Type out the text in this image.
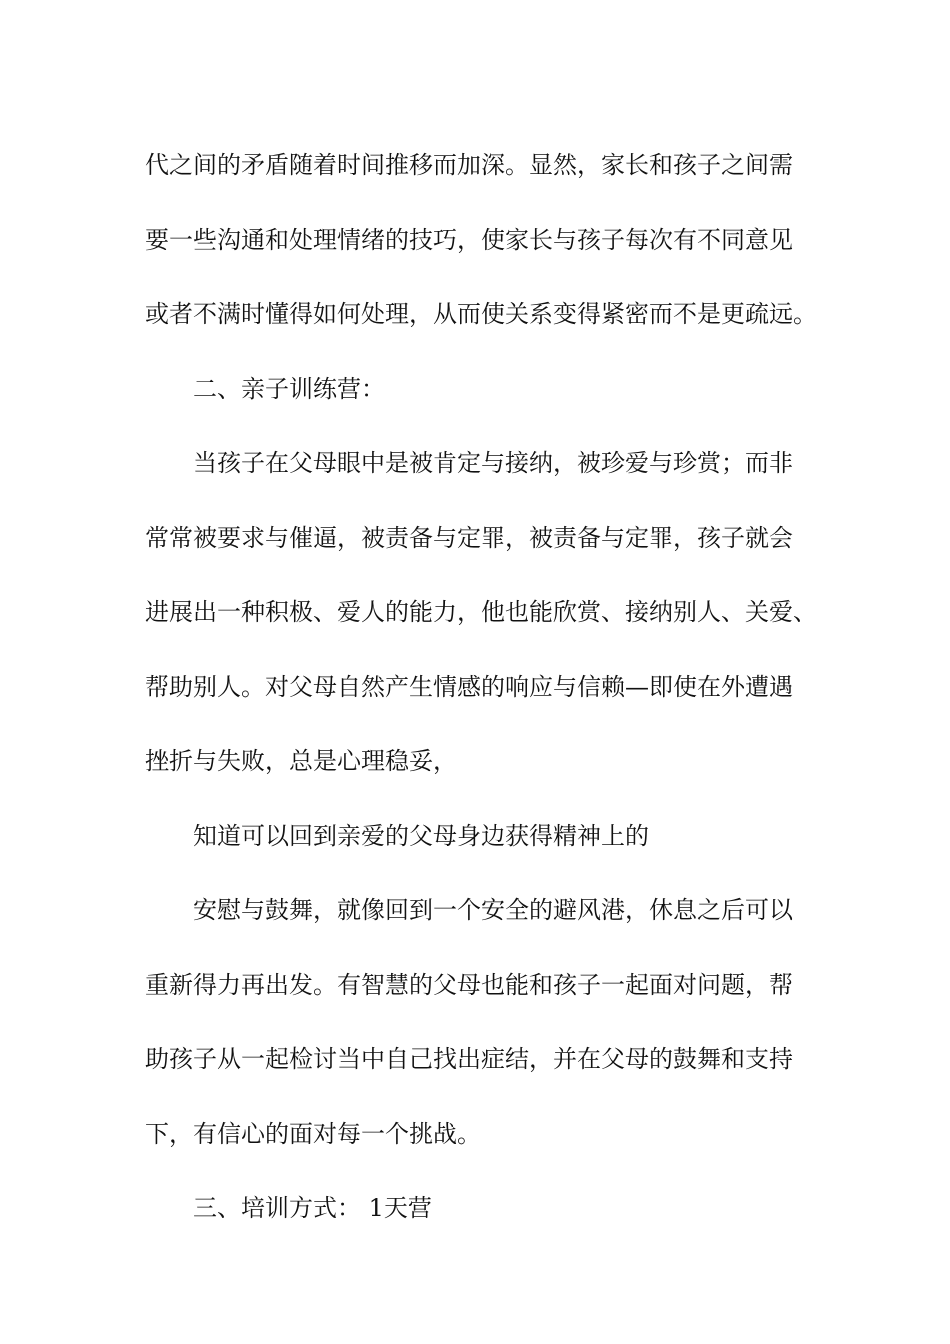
代之间的矛盾随着时间推移而加深。显然，家长和孩子之间需
要一些沟通和处理情绪的技巧，使家长与孩子每次有不同意见
或者不满时懂得如何处理，从而使关系变得紧密而不是更疏远。
二、亲子训练营：
当孩子在父母眼中是被肯定与接纳，被珍爱与珍赏；而非
常常被要求与催逼，被责备与定罪，被责备与定罪，孩子就会
进展出一种积极、爱人的能力，他也能欣赏、接纳别人、关爱、
帮助别人。对父母自然产生情感的响应与信赖—即使在外遭遇
挫折与失败，总是心理稳妥，
知道可以回到亲爱的父母身边获得精神上的
安慰与鼓舞，就像回到一个安全的避风港，休息之后可以
重新得力再出发。有智慧的父母也能和孩子一起面对问题，帮
助孩子从一起检讨当中自己找出症结，并在父母的鼓舞和支持
下，有信心的面对每一个挑战。
三、培训方式： 1天营
